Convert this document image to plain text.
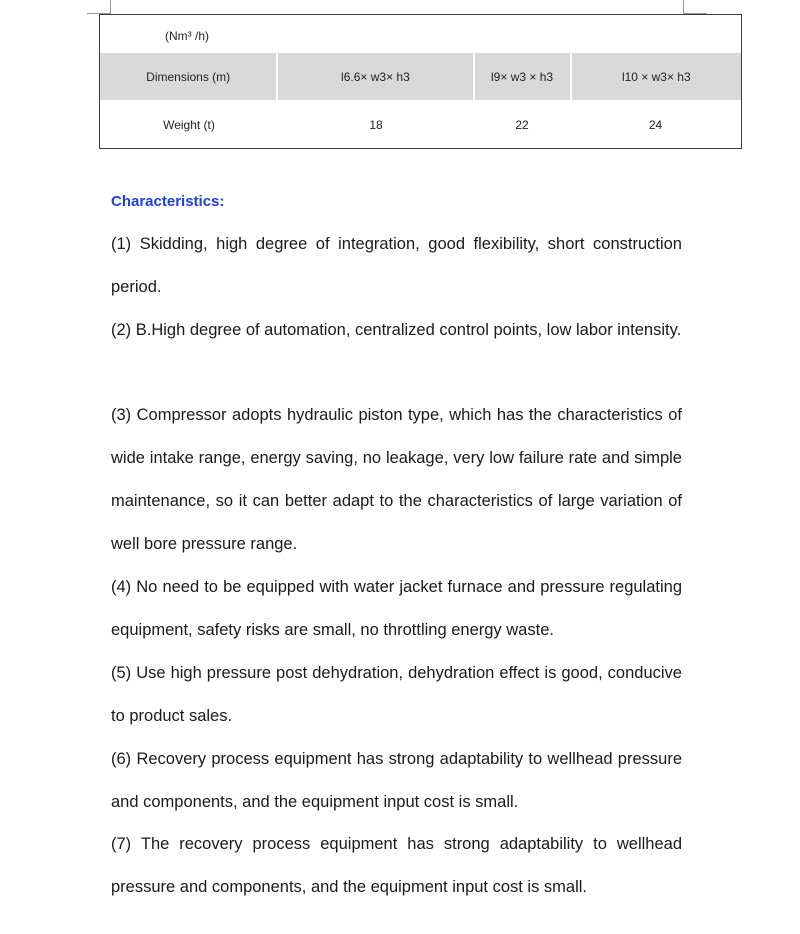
(Nm³ /h)
Dimensions (m)	l6.6× w3× h3	l9× w3 × h3	l10 × w3× h3
Weight (t)	18	22	24
Characteristics:
(1) Skidding, high degree of integration, good flexibility, short construction period.
(2) B.High degree of automation, centralized control points, low labor intensity.
(3) Compressor adopts hydraulic piston type, which has the characteristics of wide intake range, energy saving, no leakage, very low failure rate and simple maintenance, so it can better adapt to the characteristics of large variation of well bore pressure range.
(4) No need to be equipped with water jacket furnace and pressure regulating equipment, safety risks are small, no throttling energy waste.
(5) Use high pressure post dehydration, dehydration effect is good, conducive to product sales.
(6) Recovery process equipment has strong adaptability to wellhead pressure and components, and the equipment input cost is small.
(7) The recovery process equipment has strong adaptability to wellhead pressure and components, and the equipment input cost is small.
